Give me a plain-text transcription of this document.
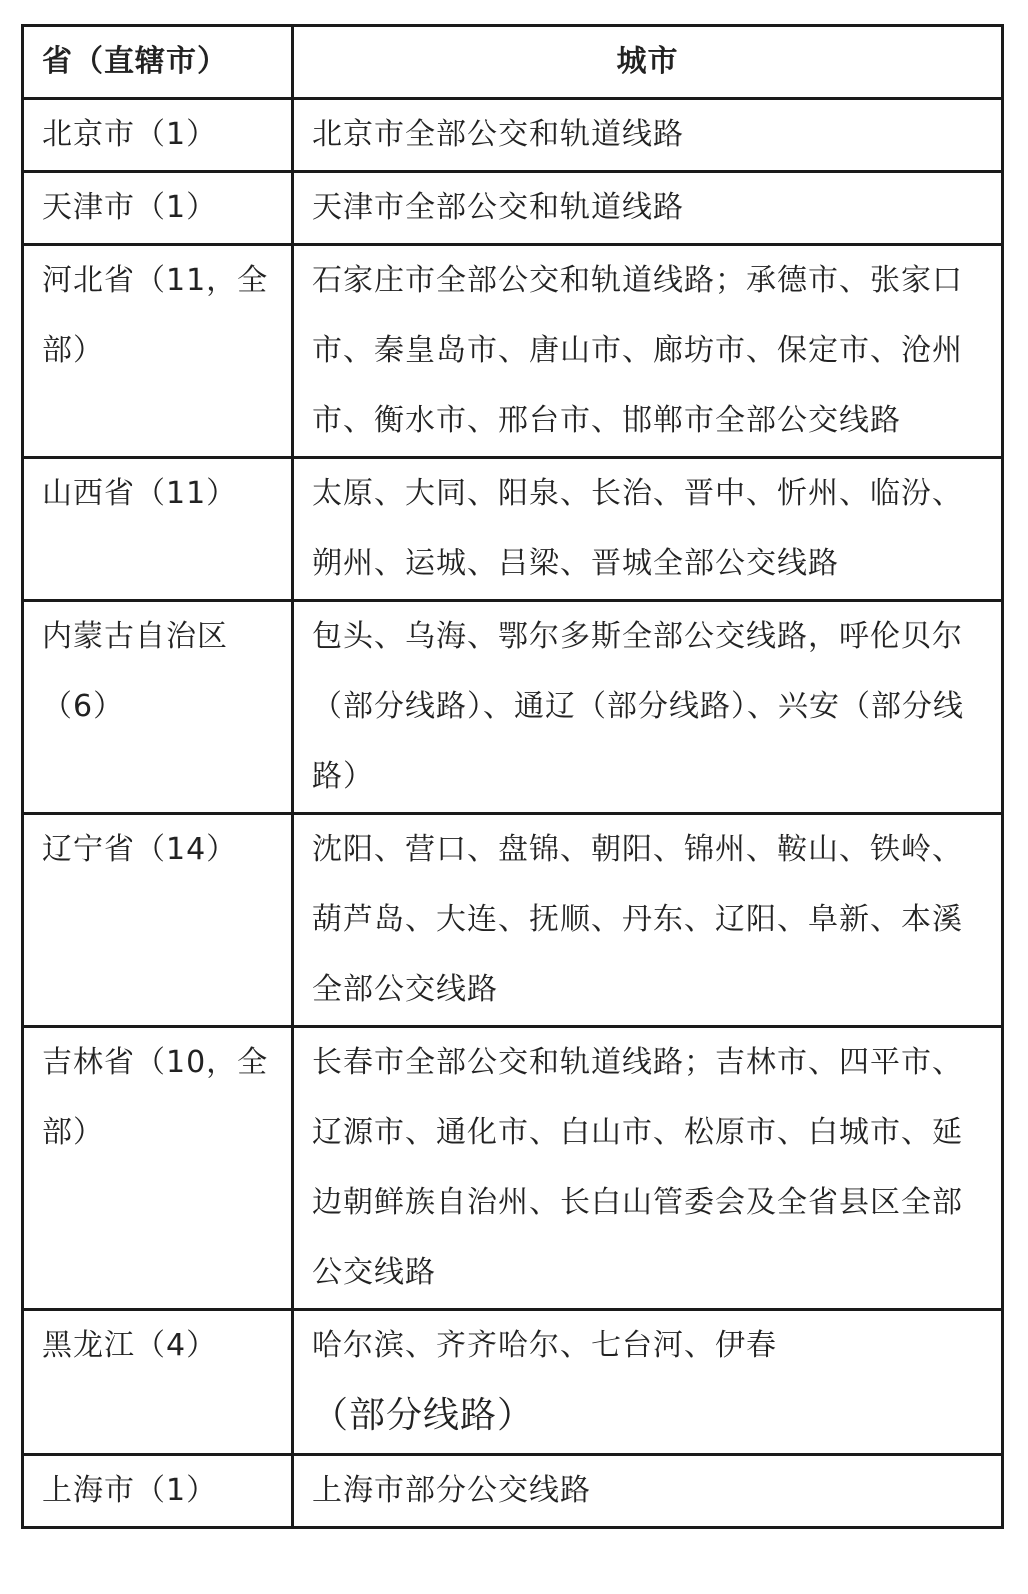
省（直辖市）	城市
北京市（1）	北京市全部公交和轨道线路
天津市（1）	天津市全部公交和轨道线路
河北省（11，全部）	石家庄市全部公交和轨道线路；承德市、张家口市、秦皇岛市、唐山市、廊坊市、保定市、沧州市、衡水市、邢台市、邯郸市全部公交线路
山西省（11）	太原、大同、阳泉、长治、晋中、忻州、临汾、朔州、运城、吕梁、晋城全部公交线路
内蒙古自治区（6）	包头、乌海、鄂尔多斯全部公交线路，呼伦贝尔（部分线路）、通辽（部分线路）、兴安（部分线路）
辽宁省（14）	沈阳、营口、盘锦、朝阳、锦州、鞍山、铁岭、葫芦岛、大连、抚顺、丹东、辽阳、阜新、本溪全部公交线路
吉林省（10，全部）	长春市全部公交和轨道线路；吉林市、四平市、辽源市、通化市、白山市、松原市、白城市、延边朝鲜族自治州、长白山管委会及全省县区全部公交线路
黑龙江（4）	哈尔滨、齐齐哈尔、七台河、伊春（部分线路）
上海市（1）	上海市部分公交线路
